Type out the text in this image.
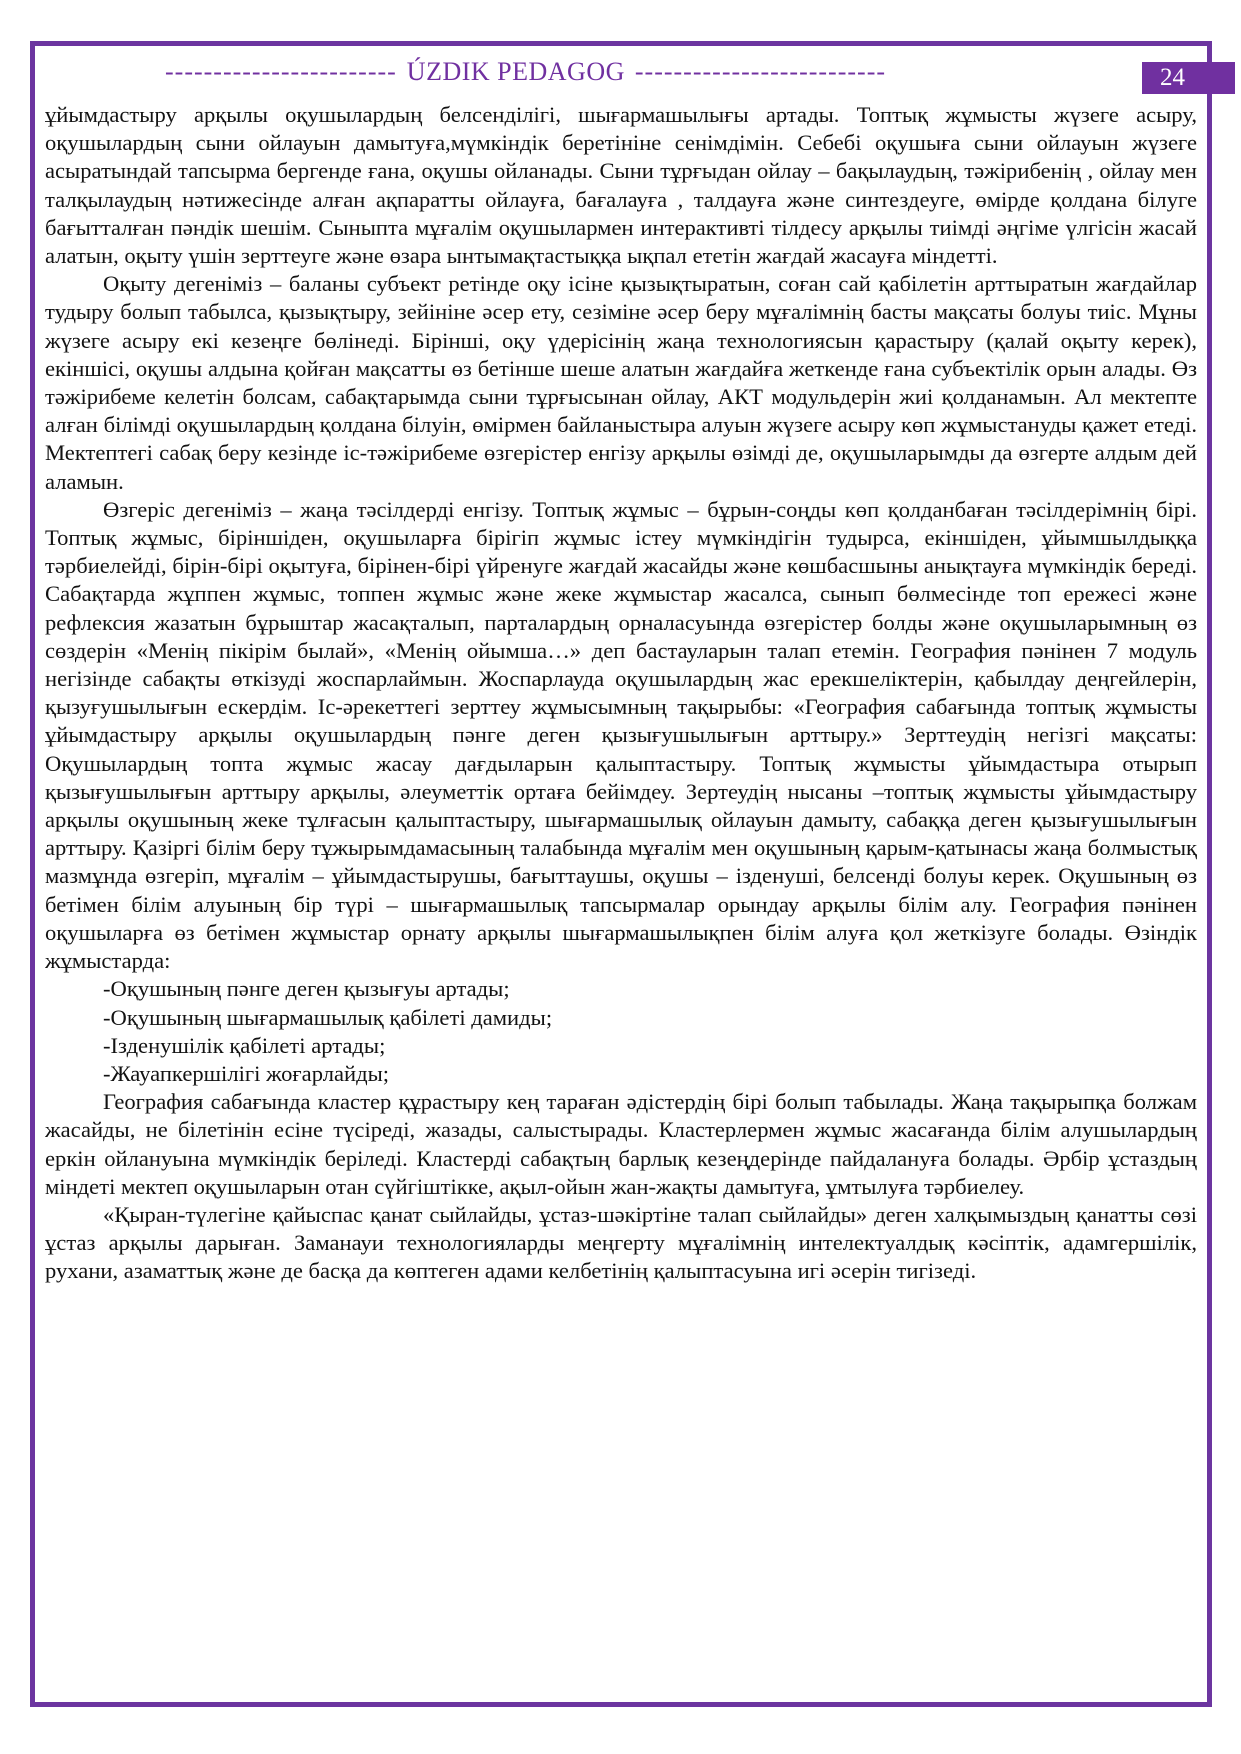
------------------------ ÚZDIK PEDAGOG --------------------------

ұйымдастыру арқылы оқушылардың белсенділігі, шығармашылығы артады. Топтық жұмысты жүзеге асыру, оқушылардың сыни ойлауын дамытуға,мүмкіндік беретініне сенімдімін. Себебі оқушыға сыни ойлауын жүзеге асыратындай тапсырма бергенде ғана, оқушы ойланады. Сыни тұрғыдан ойлау – бақылаудың, тәжірибенің , ойлау мен талқылаудың нәтижесінде алған ақпаратты ойлауға, бағалауға , талдауға және синтездеуге, өмірде қолдана білуге бағытталған пәндік шешім. Сыныпта мұғалім оқушылармен интерактивті тілдесу арқылы тиімді әңгіме үлгісін жасай алатын, оқыту үшін зерттеуге және өзара ынтымақтастыққа ықпал ететін жағдай жасауға міндетті.

Оқыту дегеніміз – баланы субъект ретінде оқу ісіне қызықтыратын, соған сай қабілетін арттыратын жағдайлар тудыру болып табылса, қызықтыру, зейініне әсер ету, сезіміне әсер беру мұғалімнің басты мақсаты болуы тиіс. Мұны жүзеге асыру екі кезеңге бөлінеді. Бірінші, оқу үдерісінің жаңа технологиясын қарастыру (қалай оқыту керек), екіншісі, оқушы алдына қойған мақсатты өз бетінше шеше алатын жағдайға жеткенде ғана субъектілік орын алады. Өз тәжірибеме келетін болсам, сабақтарымда сыни тұрғысынан ойлау, АКТ модульдерін жиі қолданамын. Ал мектепте алған білімді оқушылардың қолдана білуін, өмірмен байланыстыра алуын жүзеге асыру көп жұмыстануды қажет етеді. Мектептегі сабақ беру кезінде іс-тәжірибеме өзгерістер енгізу арқылы өзімді де, оқушыларымды да өзгерте алдым дей аламын.

Өзгеріс дегеніміз – жаңа тәсілдерді енгізу. Топтық жұмыс – бұрын-соңды көп қолданбаған тәсілдерімнің бірі. Топтық жұмыс, біріншіден, оқушыларға бірігіп жұмыс істеу мүмкіндігін тудырса, екіншіден, ұйымшылдыққа тәрбиелейді, бірін-бірі оқытуға, бірінен-бірі үйренуге жағдай жасайды және көшбасшыны анықтауға мүмкіндік береді. Сабақтарда жұппен жұмыс, топпен жұмыс және жеке жұмыстар жасалса, сынып бөлмесінде топ ережесі және рефлексия жазатын бұрыштар жасақталып, парталардың орналасуында өзгерістер болды және оқушыларымның өз сөздерін «Менің пікірім былай», «Менің ойымша…» деп бастауларын талап етемін. География пәнінен 7 модуль негізінде сабақты өткізуді жоспарлаймын. Жоспарлауда оқушылардың жас ерекшеліктерін, қабылдау деңгейлерін, қызуғушылығын ескердім. Іс-әрекеттегі зерттеу жұмысымның тақырыбы: «География сабағында топтық жұмысты ұйымдастыру арқылы оқушылардың пәнге деген қызығушылығын арттыру.» Зерттеудің негізгі мақсаты: Оқушылардың топта жұмыс жасау дағдыларын қалыптастыру. Топтық жұмысты ұйымдастыра отырып қызығушылығын арттыру арқылы, әлеуметтік ортаға бейімдеу. Зертеудің нысаны –топтық жұмысты ұйымдастыру арқылы оқушының жеке тұлғасын қалыптастыру, шығармашылық ойлауын дамыту, сабаққа деген қызығушылығын арттыру. Қазіргі білім беру тұжырымдамасының талабында мұғалім мен оқушының қарым-қатынасы жаңа болмыстық мазмұнда өзгеріп, мұғалім – ұйымдастырушы, бағыттаушы, оқушы – ізденуші, белсенді болуы керек. Оқушының өз бетімен білім алуының бір түрі – шығармашылық тапсырмалар орындау арқылы білім алу. География пәнінен оқушыларға өз бетімен жұмыстар орнату арқылы шығармашылықпен білім алуға қол жеткізуге болады. Өзіндік жұмыстарда:

-Оқушының пәнге деген қызығуы артады;

-Оқушының шығармашылық қабілеті дамиды;

-Ізденушілік қабілеті артады;

-Жауапкершілігі жоғарлайды;

География сабағында кластер құрастыру кең тараған әдістердің бірі болып табылады. Жаңа тақырыпқа болжам жасайды, не білетінін есіне түсіреді, жазады, салыстырады. Кластерлермен жұмыс жасағанда білім алушылардың еркін ойлануына мүмкіндік беріледі. Кластерді сабақтың барлық кезеңдерінде пайдалануға болады. Әрбір ұстаздың міндеті мектеп оқушыларын отан сүйгіштікке, ақыл-ойын жан-жақты дамытуға, ұмтылуға тәрбиелеу.

«Қыран-түлегіне қайыспас қанат сыйлайды, ұстаз-шәкіртіне талап сыйлайды» деген халқымыздың қанатты сөзі ұстаз арқылы дарыған. Заманауи технологияларды меңгерту мұғалімнің интелектуалдық кәсіптік, адамгершілік, рухани, азаматтық және де басқа да көптеген адами келбетінің қалыптасуына игі әсерін тигізеді.

24
